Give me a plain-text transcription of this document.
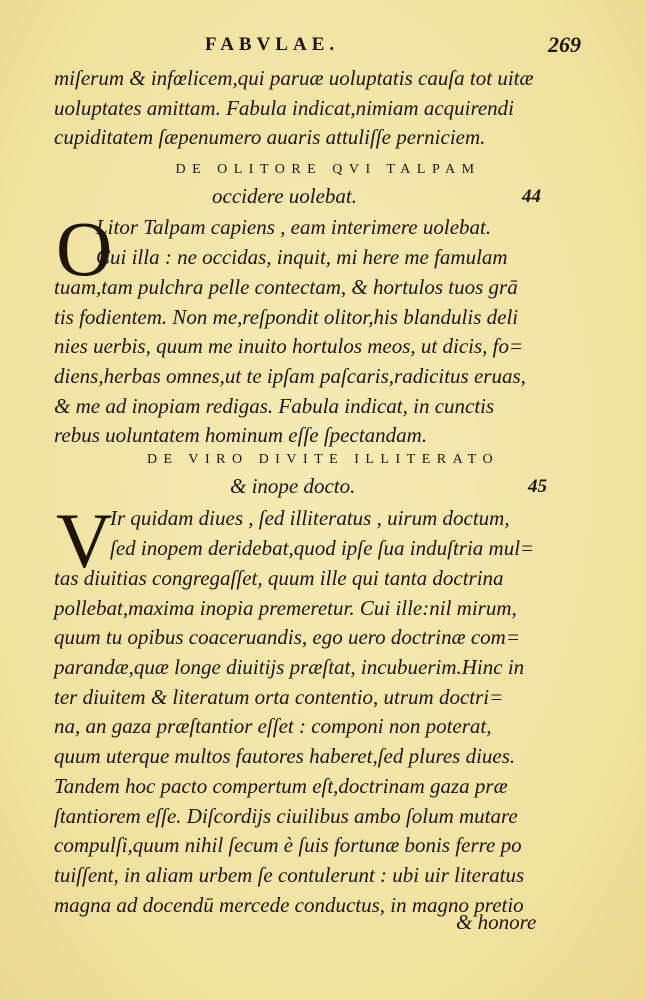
FABVLAE.	269
miſerum & infœlicem,qui paruæ uoluptatis cauſa tot uitæ
uoluptates amittam. Fabula indicat,nimiam acquirendi
cupiditatem ſæpenumero auaris attuliſſe perniciem.
DE OLITORE QVI TALPAM
occidere uolebat.	44
O
Litor Talpam capiens , eam interimere uolebat.
Cui illa : ne occidas, inquit, mi here me famulam
tuam,tam pulchra pelle contectam, & hortulos tuos grā
tis fodientem. Non me,reſpondit olitor,his blandulis deli
nies uerbis, quum me inuito hortulos meos, ut dicis, fo=
diens,herbas omnes,ut te ipſam paſcaris,radicitus eruas,
& me ad inopiam redigas. Fabula indicat, in cunctis
rebus uoluntatem hominum eſſe ſpectandam.
DE VIRO DIVITE ILLITERATO
& inope docto.	45
V
Ir quidam diues , ſed illiteratus , uirum doctum,
ſed inopem deridebat,quod ipſe ſua induſtria mul=
tas diuitias congregaſſet, quum ille qui tanta doctrina
pollebat,maxima inopia premeretur. Cui ille:nil mirum,
quum tu opibus coaceruandis, ego uero doctrinæ com=
parandæ,quæ longe diuitijs præſtat, incubuerim.Hinc in
ter diuitem & literatum orta contentio, utrum doctri=
na, an gaza præſtantior eſſet : componi non poterat,
quum uterque multos fautores haberet,ſed plures diues.
Tandem hoc pacto compertum eſt,doctrinam gaza præ
ſtantiorem eſſe. Diſcordijs ciuilibus ambo ſolum mutare
compulſi,quum nihil ſecum è ſuis fortunæ bonis ferre po
tuiſſent, in aliam urbem ſe contulerunt : ubi uir literatus
magna ad docendū mercede conductus, in magno pretio
& honore
